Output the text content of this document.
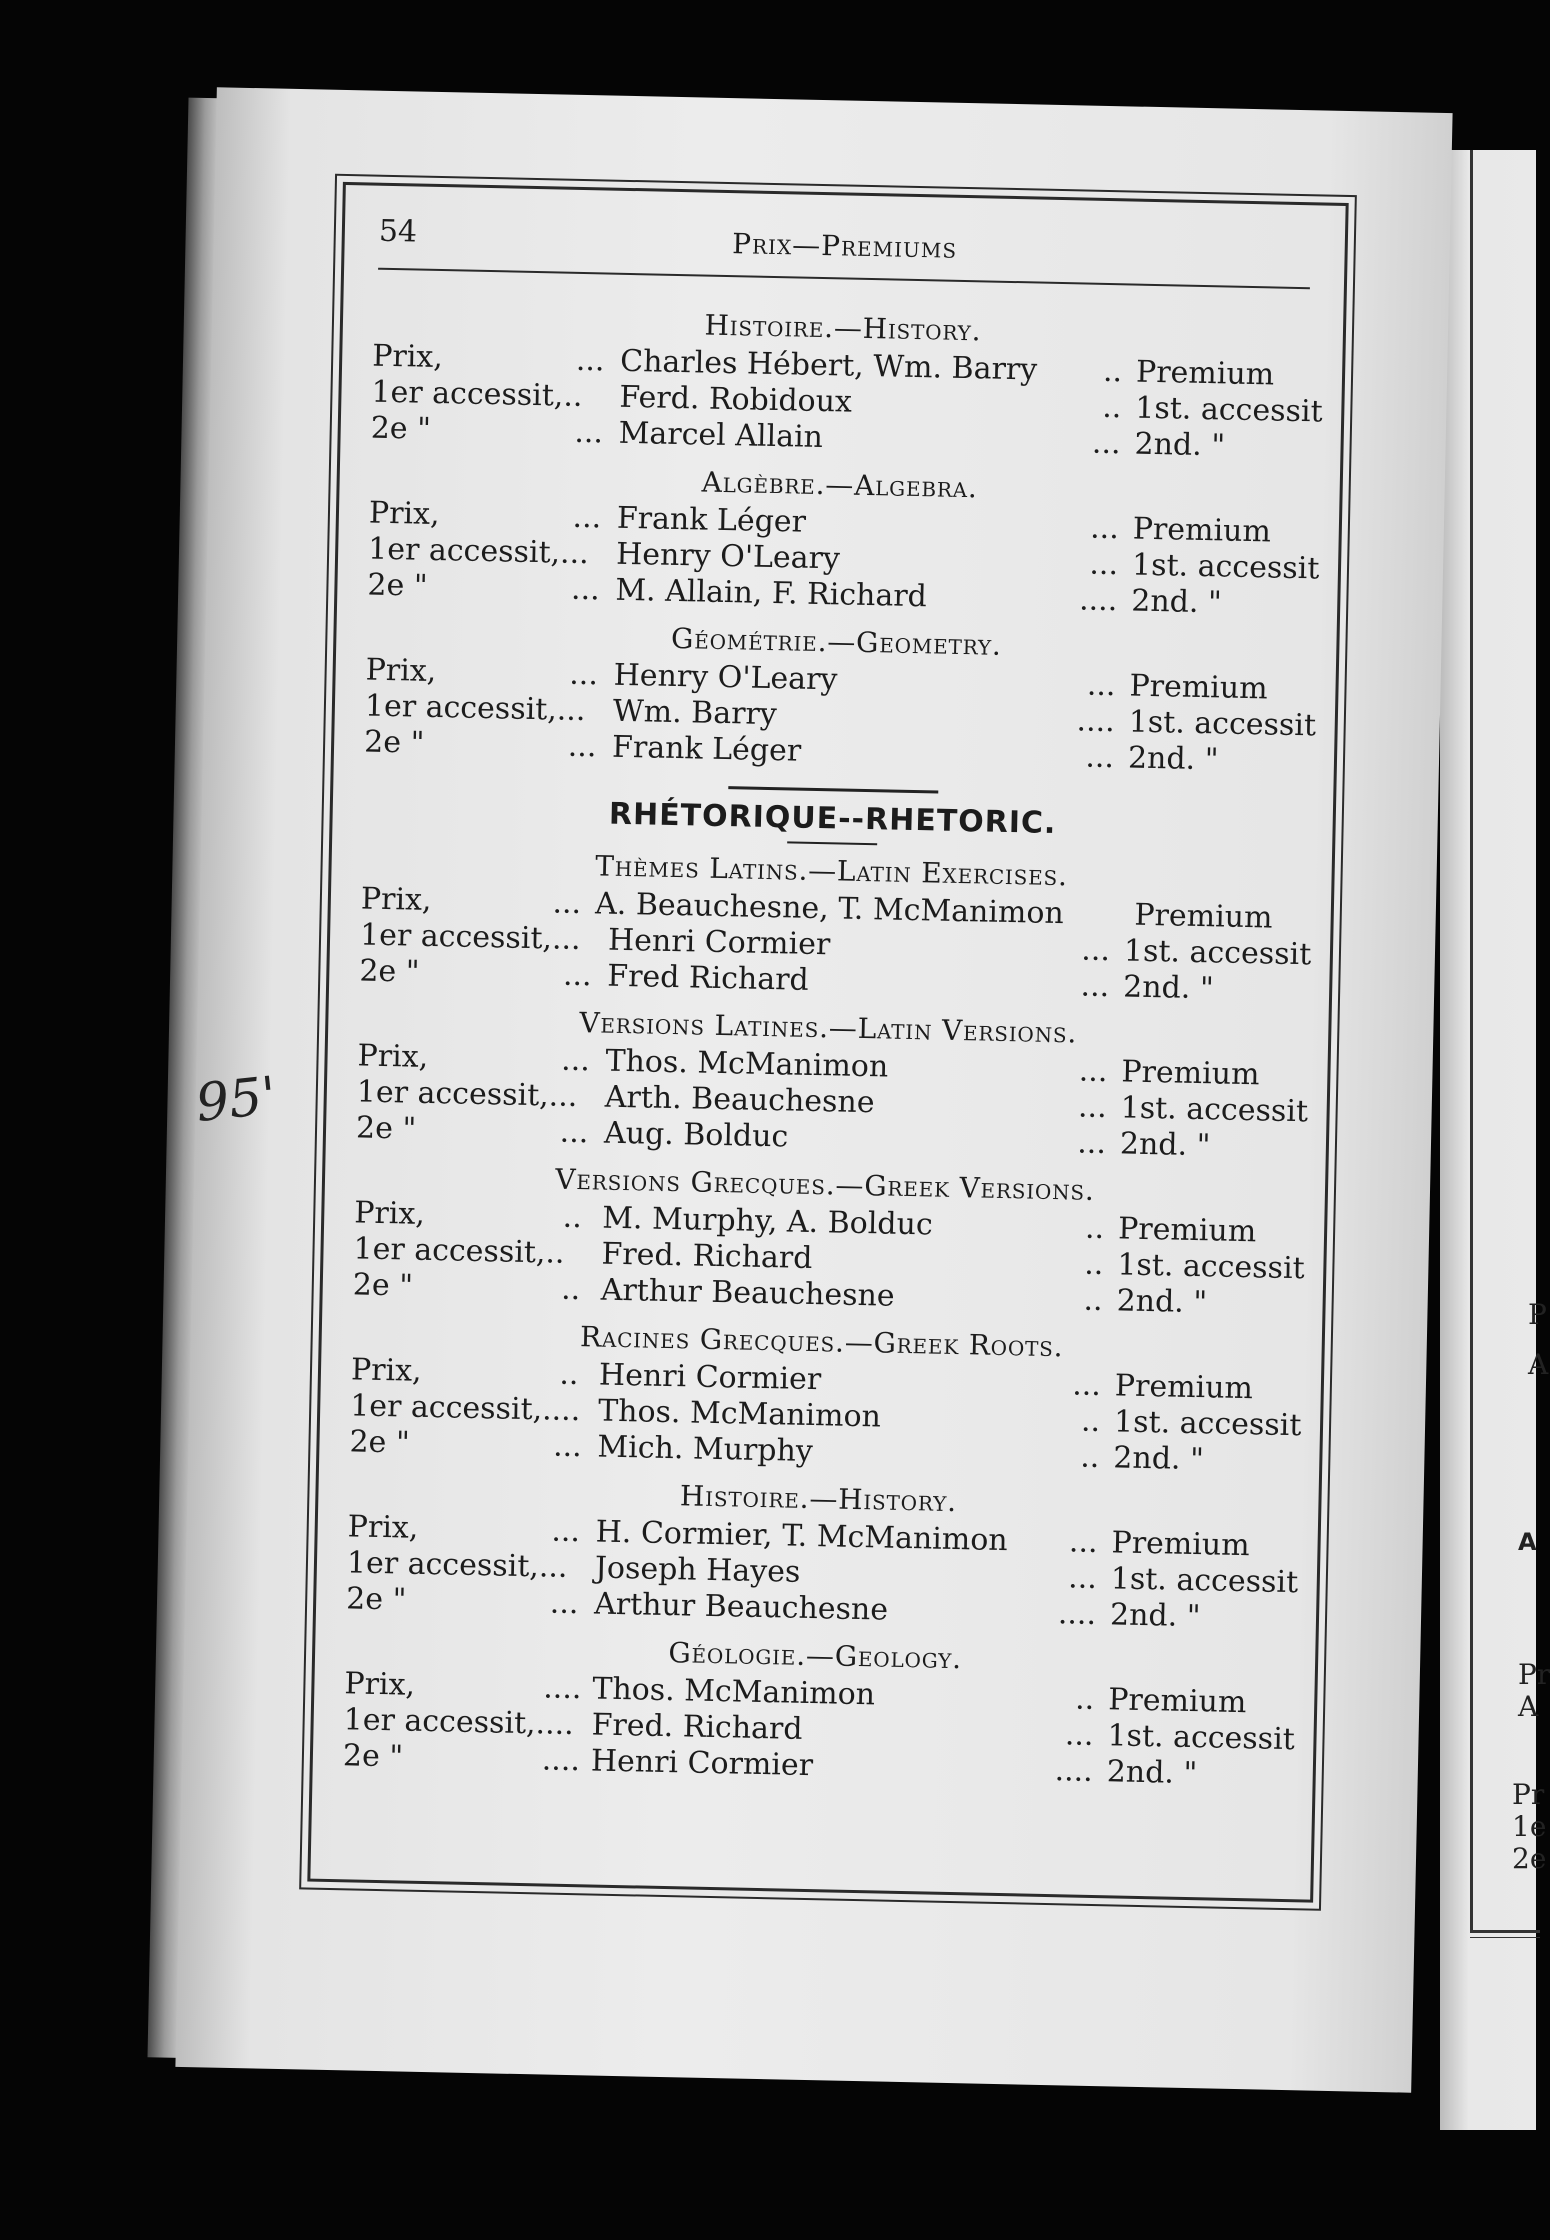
P
A
A
Pr
A
Pr
1e
2e
54	Prix—Premiums
Histoire.—History.
Prix,	... Charles Hébert, Wm. Barry	.. Premium
1er accessit,.. Ferd. Robidoux	.. 1st. accessit
2e "	... Marcel Allain	... 2nd. "
Algèbre.—Algebra.
Prix,	... Frank Léger	... Premium
1er accessit,... Henry O'Leary	... 1st. accessit
2e "	... M. Allain, F. Richard	.... 2nd. "
Géométrie.—Geometry.
Prix,	... Henry O'Leary	... Premium
1er accessit,... Wm. Barry	.... 1st. accessit
2e "	... Frank Léger	... 2nd. "
RHÉTORIQUE--RHETORIC.
Thèmes Latins.—Latin Exercises.
Prix,	... A. Beauchesne, T. McManimon Premium
1er accessit,... Henri Cormier	... 1st. accessit
2e "	... Fred Richard	... 2nd. "
Versions Latines.—Latin Versions.
Prix,	... Thos. McManimon	... Premium
1er accessit,... Arth. Beauchesne	... 1st. accessit
2e "	... Aug. Bolduc	... 2nd. "
Versions Grecques.—Greek Versions.
Prix,	.. M. Murphy, A. Bolduc	.. Premium
1er accessit,.. Fred. Richard	.. 1st. accessit
2e "	.. Arthur Beauchesne	.. 2nd. "
Racines Grecques.—Greek Roots.
Prix,	.. Henri Cormier	... Premium
1er accessit,.... Thos. McManimon	.. 1st. accessit
2e "	... Mich. Murphy	.. 2nd. "
Histoire.—History.
Prix,	... H. Cormier, T. McManimon	... Premium
1er accessit,... Joseph Hayes	... 1st. accessit
2e "	... Arthur Beauchesne	.... 2nd. "
Géologie.—Geology.
Prix,	.... Thos. McManimon	.. Premium
1er accessit,.... Fred. Richard	... 1st. accessit
2e "	.... Henri Cormier	.... 2nd. "
95'
